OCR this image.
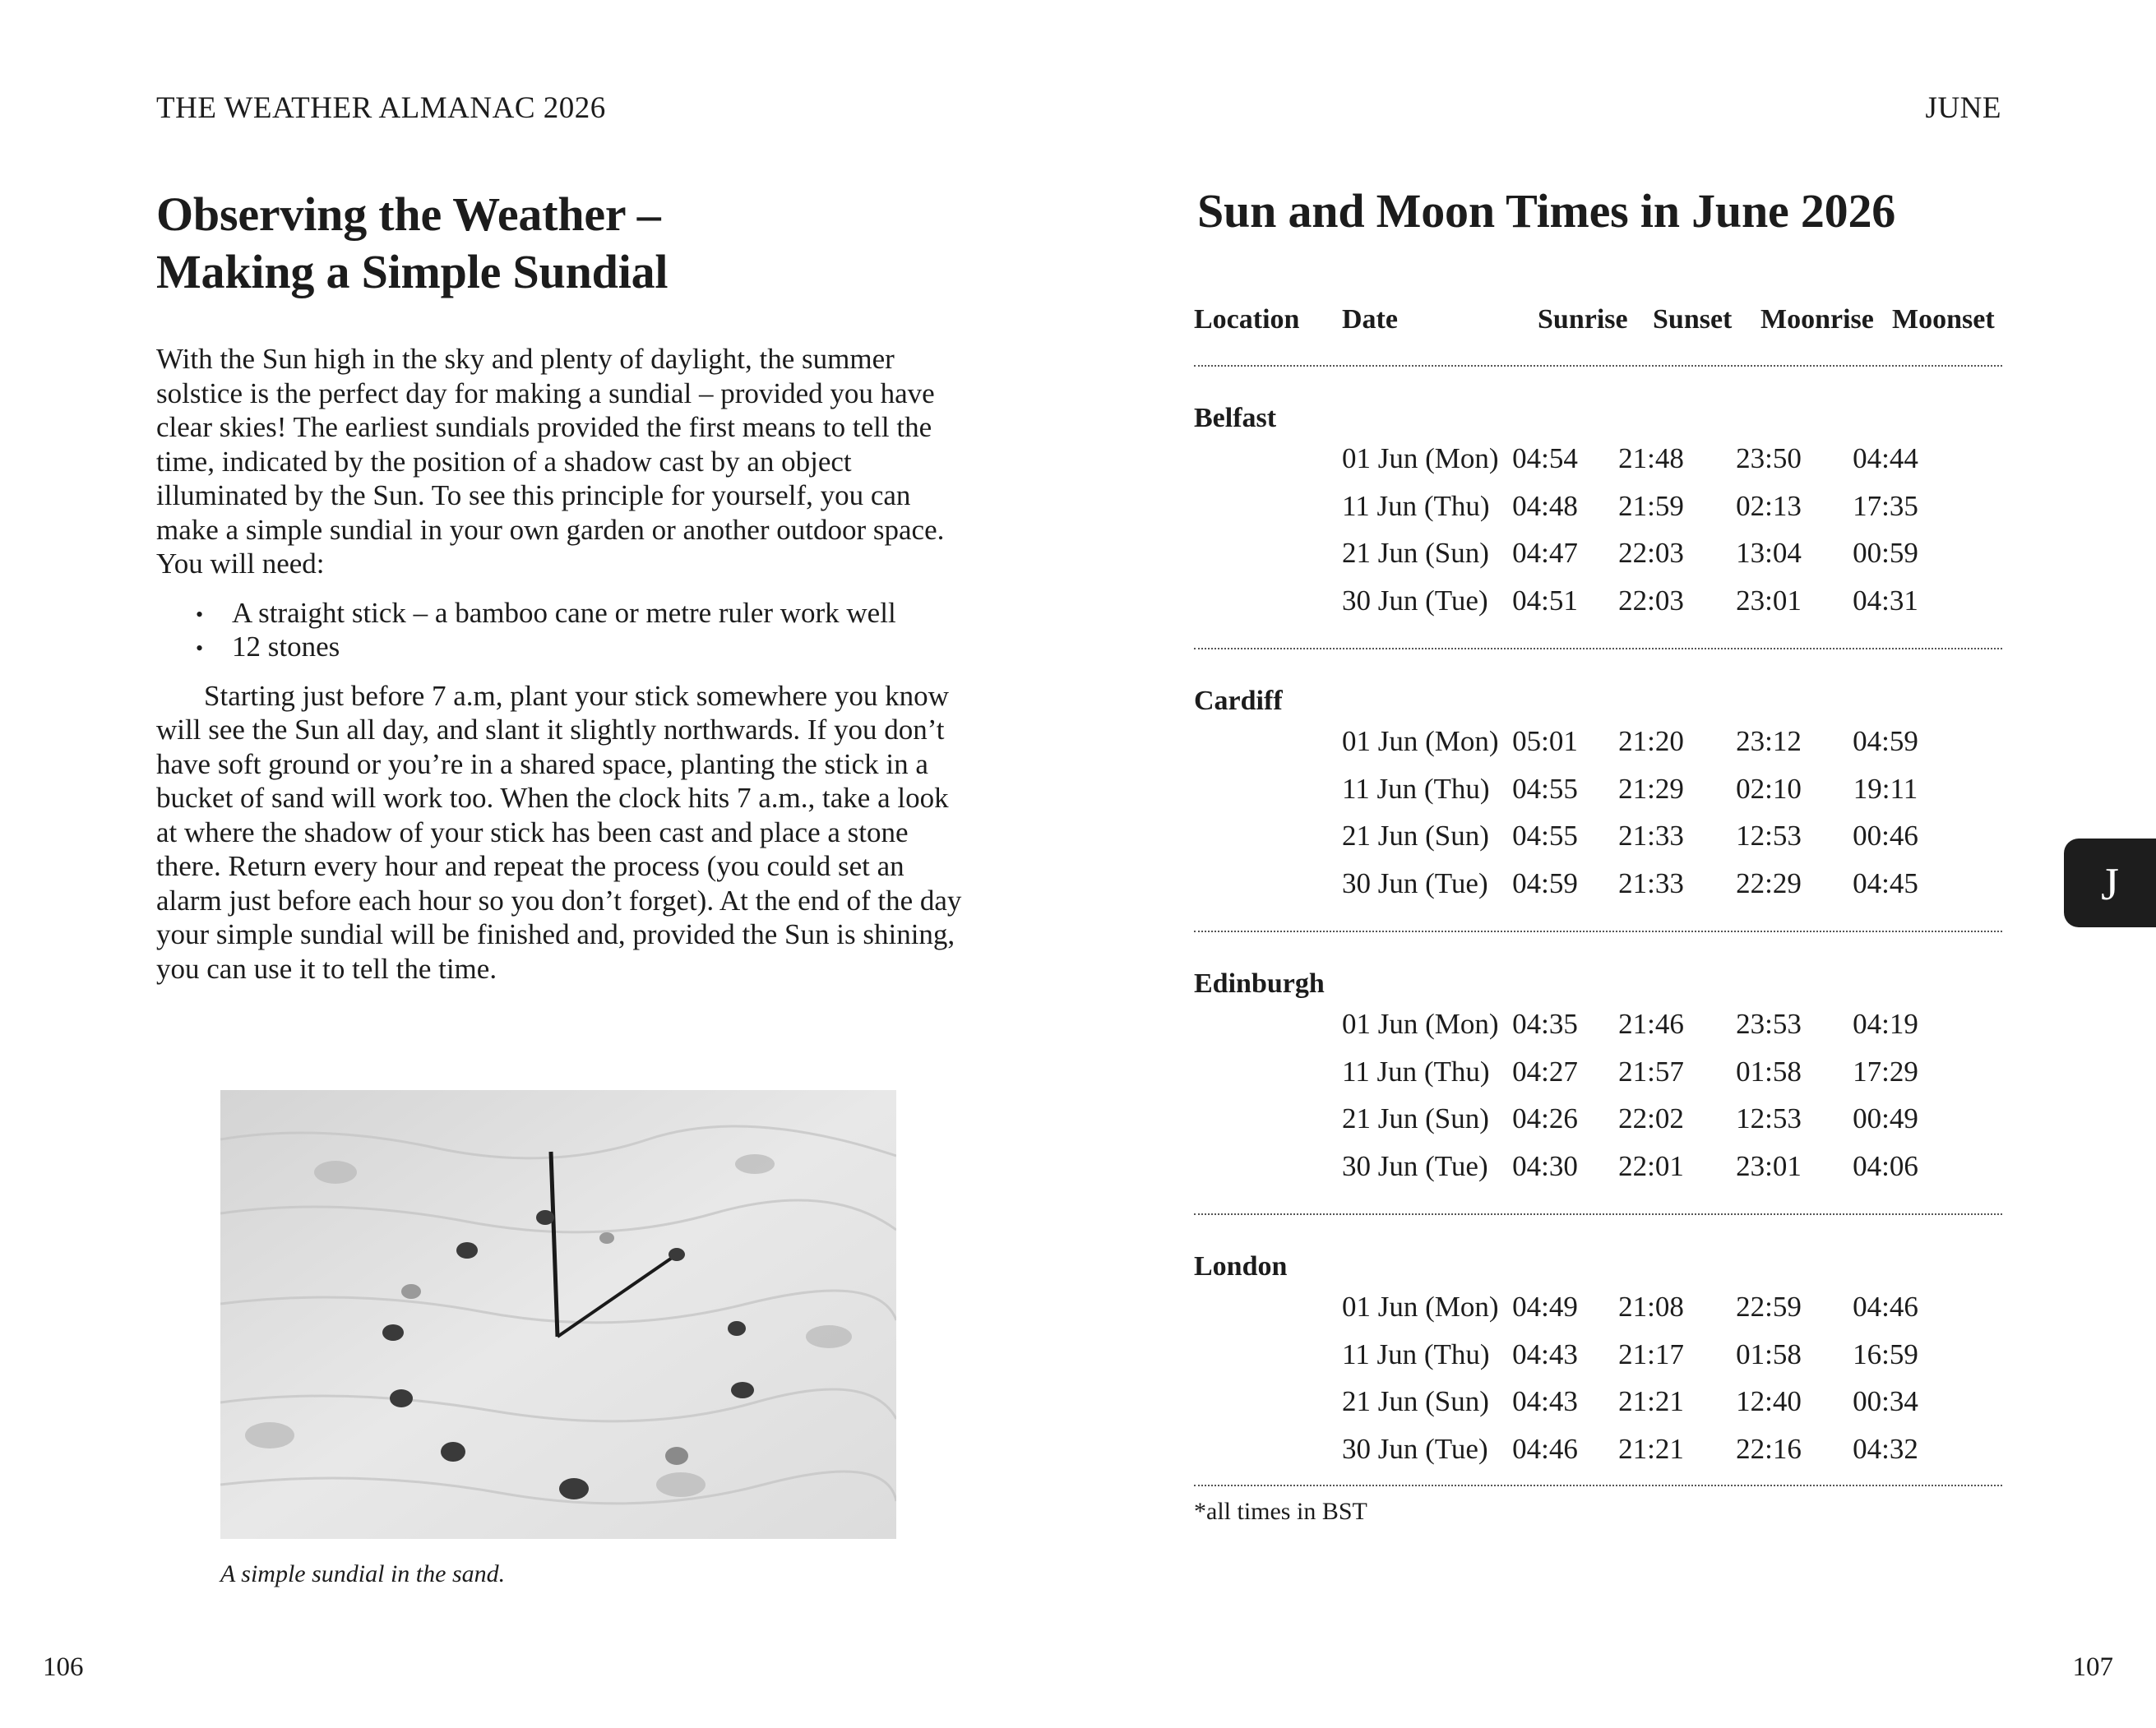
THE WEATHER ALMANAC 2026
Observing the Weather –
Making a Simple Sundial

With the Sun high in the sky and plenty of daylight, the summer solstice is the perfect day for making a sundial – provided you have clear skies! The earliest sundials provided the first means to tell the time, indicated by the position of a shadow cast by an object illuminated by the Sun. To see this principle for yourself, you can make a simple sundial in your own garden or another outdoor space.

You will need:

• A straight stick – a bamboo cane or metre ruler work well
• 12 stones

Starting just before 7 a.m, plant your stick somewhere you know will see the Sun all day, and slant it slightly northwards. If you don’t have soft ground or you’re in a shared space, planting the stick in a bucket of sand will work too. When the clock hits 7 a.m., take a look at where the shadow of your stick has been cast and place a stone there. Return every hour and repeat the process (you could set an alarm just before each hour so you don’t forget). At the end of the day your simple sundial will be finished and, provided the Sun is shining, you can use it to tell the time.

A simple sundial in the sand.
106
JUNE
Sun and Moon Times in June 2026
Location Date	Sunrise Sunset Moonrise Moonset
Belfast
01 Jun (Mon) 04:54 21:48 23:50 04:44
11 Jun (Thu) 04:48 21:59 02:13 17:35
21 Jun (Sun) 04:47 22:03 13:04 00:59
30 Jun (Tue) 04:51 22:03 23:01 04:31
Cardiff
01 Jun (Mon) 05:01 21:20 23:12 04:59
11 Jun (Thu) 04:55 21:29 02:10 19:11
21 Jun (Sun) 04:55 21:33 12:53 00:46
30 Jun (Tue) 04:59 21:33 22:29 04:45
Edinburgh
01 Jun (Mon) 04:35 21:46 23:53 04:19
11 Jun (Thu) 04:27 21:57 01:58 17:29
21 Jun (Sun) 04:26 22:02 12:53 00:49
30 Jun (Tue) 04:30 22:01 23:01 04:06
London
01 Jun (Mon) 04:49 21:08 22:59 04:46
11 Jun (Thu) 04:43 21:17 01:58 16:59
21 Jun (Sun) 04:43 21:21 12:40 00:34
30 Jun (Tue) 04:46 21:21 22:16 04:32
*all times in BST
J
107
